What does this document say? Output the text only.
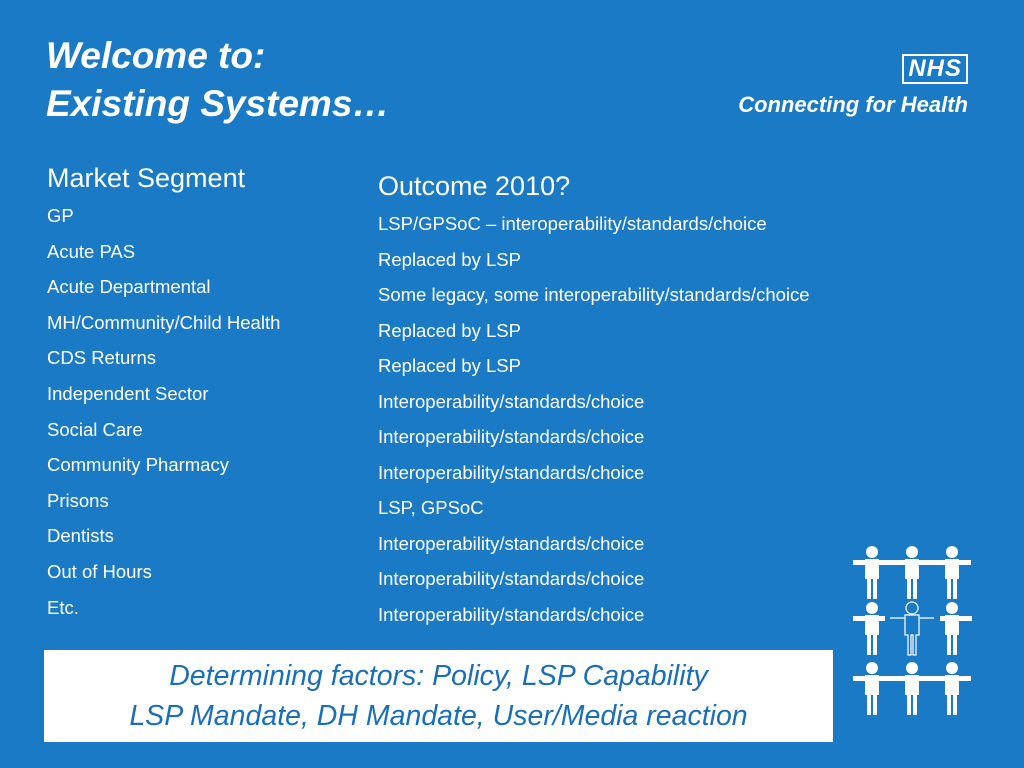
Welcome to:
Existing Systems…
NHS
Connecting for Health
Market Segment
GP
Acute PAS
Acute Departmental
MH/Community/Child Health
CDS Returns
Independent Sector
Social Care
Community Pharmacy
Prisons
Dentists
Out of Hours
Etc.
Outcome 2010?
LSP/GPSoC – interoperability/standards/choice
Replaced by LSP
Some legacy, some interoperability/standards/choice
Replaced by LSP
Replaced by LSP
Interoperability/standards/choice
Interoperability/standards/choice
Interoperability/standards/choice
LSP, GPSoC
Interoperability/standards/choice
Interoperability/standards/choice
Interoperability/standards/choice
Determining factors: Policy, LSP Capability
LSP Mandate, DH Mandate, User/Media reaction
